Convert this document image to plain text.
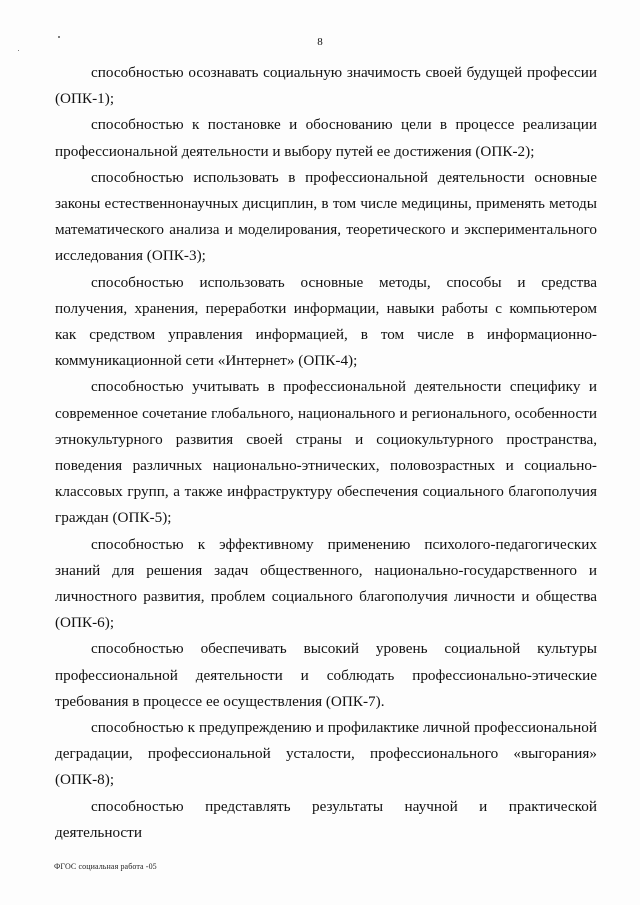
8

способностью осознавать социальную значимость своей будущей профессии (ОПК-1);

способностью к постановке и обоснованию цели в процессе реализации профессиональной деятельности и выбору путей ее достижения (ОПК-2);

способностью использовать в профессиональной деятельности основные законы естественнонаучных дисциплин, в том числе медицины, применять методы математического анализа и моделирования, теоретического и экспериментального исследования (ОПК-3);

способностью использовать основные методы, способы и средства получения, хранения, переработки информации, навыки работы с компьютером как средством управления информацией, в том числе в информационно-коммуникационной сети «Интернет» (ОПК-4);

способностью учитывать в профессиональной деятельности специфику и современное сочетание глобального, национального и регионального, особенности этнокультурного развития своей страны и социокультурного пространства, поведения различных национально-этнических, половозрастных и социально-классовых групп, а также инфраструктуру обеспечения социального благополучия граждан (ОПК-5);

способностью к эффективному применению психолого-педагогических знаний для решения задач общественного, национально-государственного и личностного развития, проблем социального благополучия личности и общества (ОПК-6);

способностью обеспечивать высокий уровень социальной культуры профессиональной деятельности и соблюдать профессионально-этические требования в процессе ее осуществления (ОПК-7).

способностью к предупреждению и профилактике личной профессиональной деградации, профессиональной усталости, профессионального «выгорания» (ОПК-8);

способностью представлять результаты научной и практической деятельности

ФГОС социальная работа -05
